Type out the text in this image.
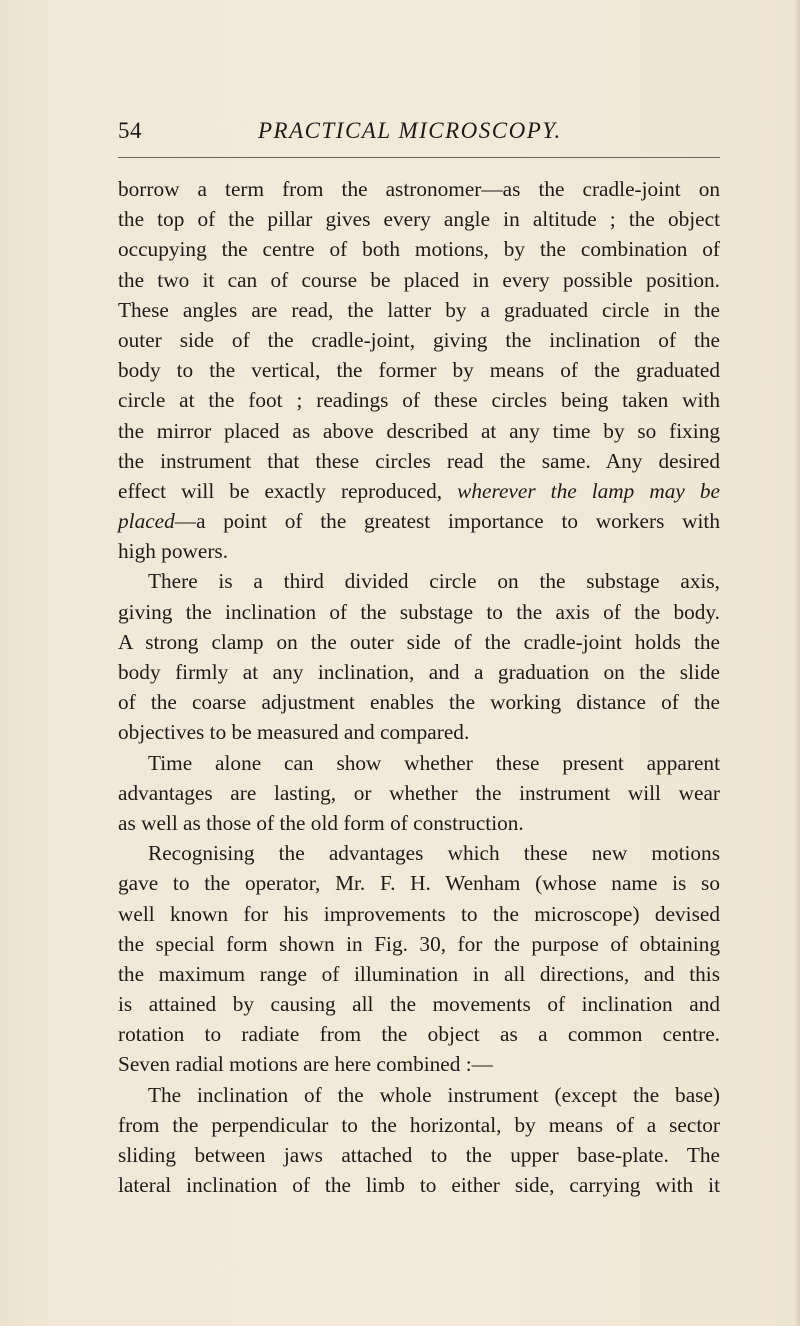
54	PRACTICAL MICROSCOPY.
borrow a term from the astronomer—as the cradle-joint on
the top of the pillar gives every angle in altitude ; the object
occupying the centre of both motions, by the combination of
the two it can of course be placed in every possible position.
These angles are read, the latter by a graduated circle in the
outer side of the cradle-joint, giving the inclination of the
body to the vertical, the former by means of the graduated
circle at the foot ; readings of these circles being taken with
the mirror placed as above described at any time by so fixing
the instrument that these circles read the same. Any desired
effect will be exactly reproduced, wherever the lamp may be
placed—a point of the greatest importance to workers with
high powers.
There is a third divided circle on the substage axis,
giving the inclination of the substage to the axis of the body.
A strong clamp on the outer side of the cradle-joint holds the
body firmly at any inclination, and a graduation on the slide
of the coarse adjustment enables the working distance of the
objectives to be measured and compared.
Time alone can show whether these present apparent
advantages are lasting, or whether the instrument will wear
as well as those of the old form of construction.
Recognising the advantages which these new motions
gave to the operator, Mr. F. H. Wenham (whose name is so
well known for his improvements to the microscope) devised
the special form shown in Fig. 30, for the purpose of obtaining
the maximum range of illumination in all directions, and this
is attained by causing all the movements of inclination and
rotation to radiate from the object as a common centre.
Seven radial motions are here combined :—
The inclination of the whole instrument (except the base)
from the perpendicular to the horizontal, by means of a sector
sliding between jaws attached to the upper base-plate. The
lateral inclination of the limb to either side, carrying with it
